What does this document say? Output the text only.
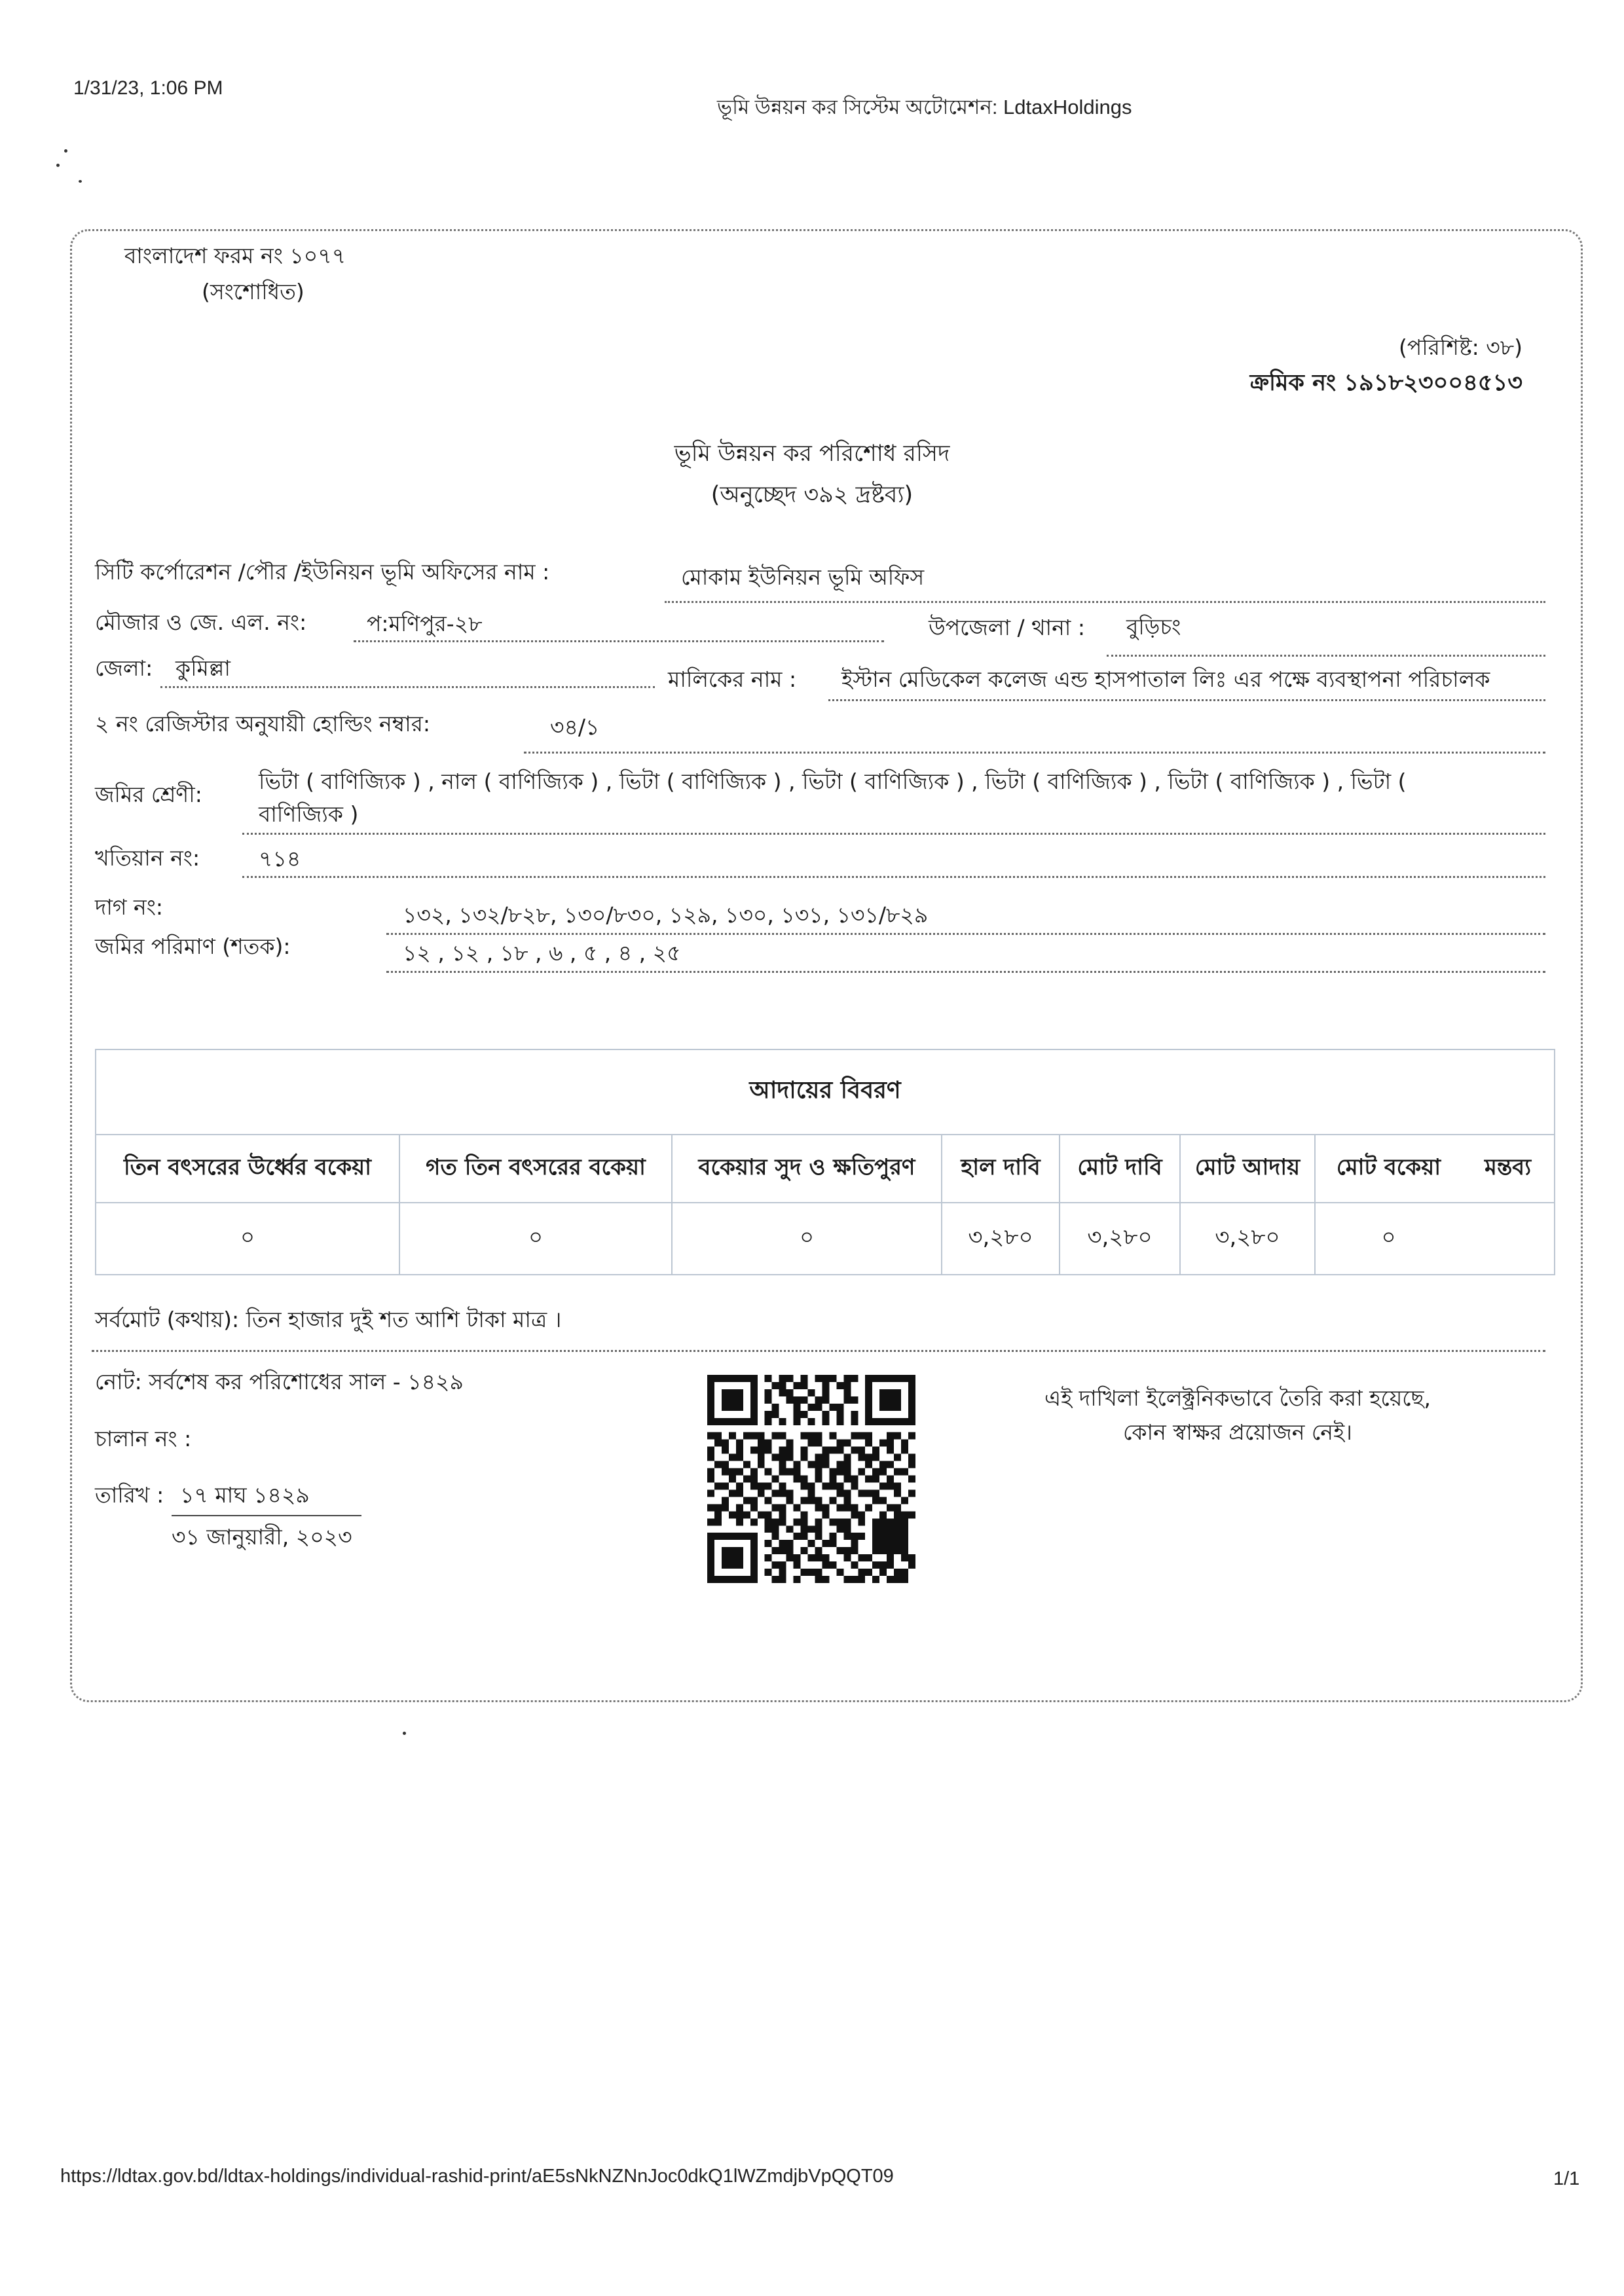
1/31/23, 1:06 PM
ভূমি উন্নয়ন কর সিস্টেম অটোমেশন: LdtaxHoldings
বাংলাদেশ ফরম নং ১০৭৭
(সংশোধিত)
(পরিশিষ্ট: ৩৮)
ক্রমিক নং ১৯১৮২৩০০৪৫১৩
ভূমি উন্নয়ন কর পরিশোধ রসিদ
(অনুচ্ছেদ ৩৯২ দ্রষ্টব্য)
সিটি কর্পোরেশন /পৌর /ইউনিয়ন ভূমি অফিসের নাম :	মোকাম ইউনিয়ন ভূমি অফিস
মৌজার ও জে. এল. নং:	প:মণিপুর-২৮	উপজেলা / থানা : বুড়িচং
জেলা: কুমিল্লা	মালিকের নাম : ইস্টান মেডিকেল কলেজ এন্ড হাসপাতাল লিঃ এর পক্ষে ব্যবস্থাপনা পরিচালক
২ নং রেজিস্টার অনুযায়ী হোল্ডিং নম্বার:	৩৪/১
জমির শ্রেণী:
ভিটা ( বাণিজ্যিক ) , নাল ( বাণিজ্যিক ) , ভিটা ( বাণিজ্যিক ) , ভিটা ( বাণিজ্যিক ) , ভিটা ( বাণিজ্যিক ) , ভিটা ( বাণিজ্যিক ) , ভিটা (
বাণিজ্যিক )
খতিয়ান নং:	৭১৪
দাগ নং:	১৩২, ১৩২/৮২৮, ১৩০/৮৩০, ১২৯, ১৩০, ১৩১, ১৩১/৮২৯
জমির পরিমাণ (শতক):	১২ , ১২ , ১৮ , ৬ , ৫ , ৪ , ২৫
আদায়ের বিবরণ							
তিন বৎসরের উর্ধ্বের বকেয়া	গত তিন বৎসরের বকেয়া	বকেয়ার সুদ ও ক্ষতিপুরণ	হাল দাবি	মোট দাবি	মোট আদায়	মোট বকেয়া	মন্তব্য
০	০	০	৩,২৮০	৩,২৮০	৩,২৮০	০	
সর্বমোট (কথায়): তিন হাজার দুই শত আশি টাকা মাত্র ।
নোট: সর্বশেষ কর পরিশোধের সাল - ১৪২৯
চালান নং :
তারিখ : ১৭ মাঘ ১৪২৯
৩১ জানুয়ারী, ২০২৩
এই দাখিলা ইলেক্ট্রনিকভাবে তৈরি করা হয়েছে,
কোন স্বাক্ষর প্রয়োজন নেই।
https://ldtax.gov.bd/ldtax-holdings/individual-rashid-print/aE5sNkNZNnJoc0dkQ1lWZmdjbVpQQT09	1/1
